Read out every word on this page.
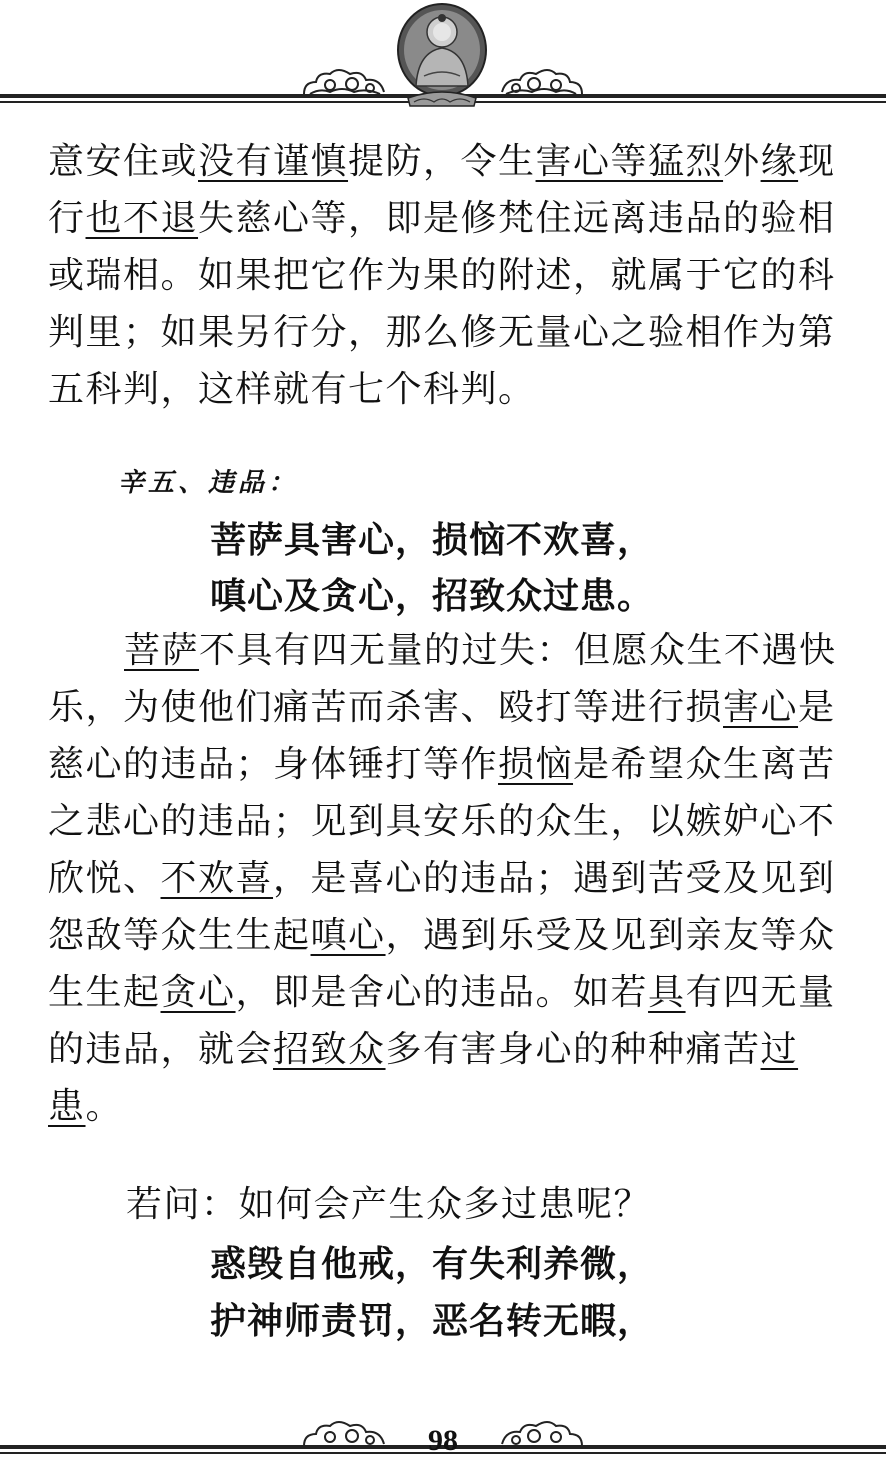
意安住或没有谨慎提防，令生害心等猛烈外缘现行也不退失慈心等，即是修梵住远离违品的验相或瑞相。如果把它作为果的附述，就属于它的科判里；如果另行分，那么修无量心之验相作为第五科判，这样就有七个科判。

辛五、违品：
菩萨具害心，损恼不欢喜，
嗔心及贪心，招致众过患。

菩萨不具有四无量的过失：但愿众生不遇快乐，为使他们痛苦而杀害、殴打等进行损害心是慈心的违品；身体锤打等作损恼是希望众生离苦之悲心的违品；见到具安乐的众生，以嫉妒心不欣悦、不欢喜，是喜心的违品；遇到苦受及见到怨敌等众生生起嗔心，遇到乐受及见到亲友等众生生起贪心，即是舍心的违品。如若具有四无量的违品，就会招致众多有害身心的种种痛苦过患。

若问：如何会产生众多过患呢？
惑毁自他戒，有失利养微，
护神师责罚，恶名转无暇，
98
